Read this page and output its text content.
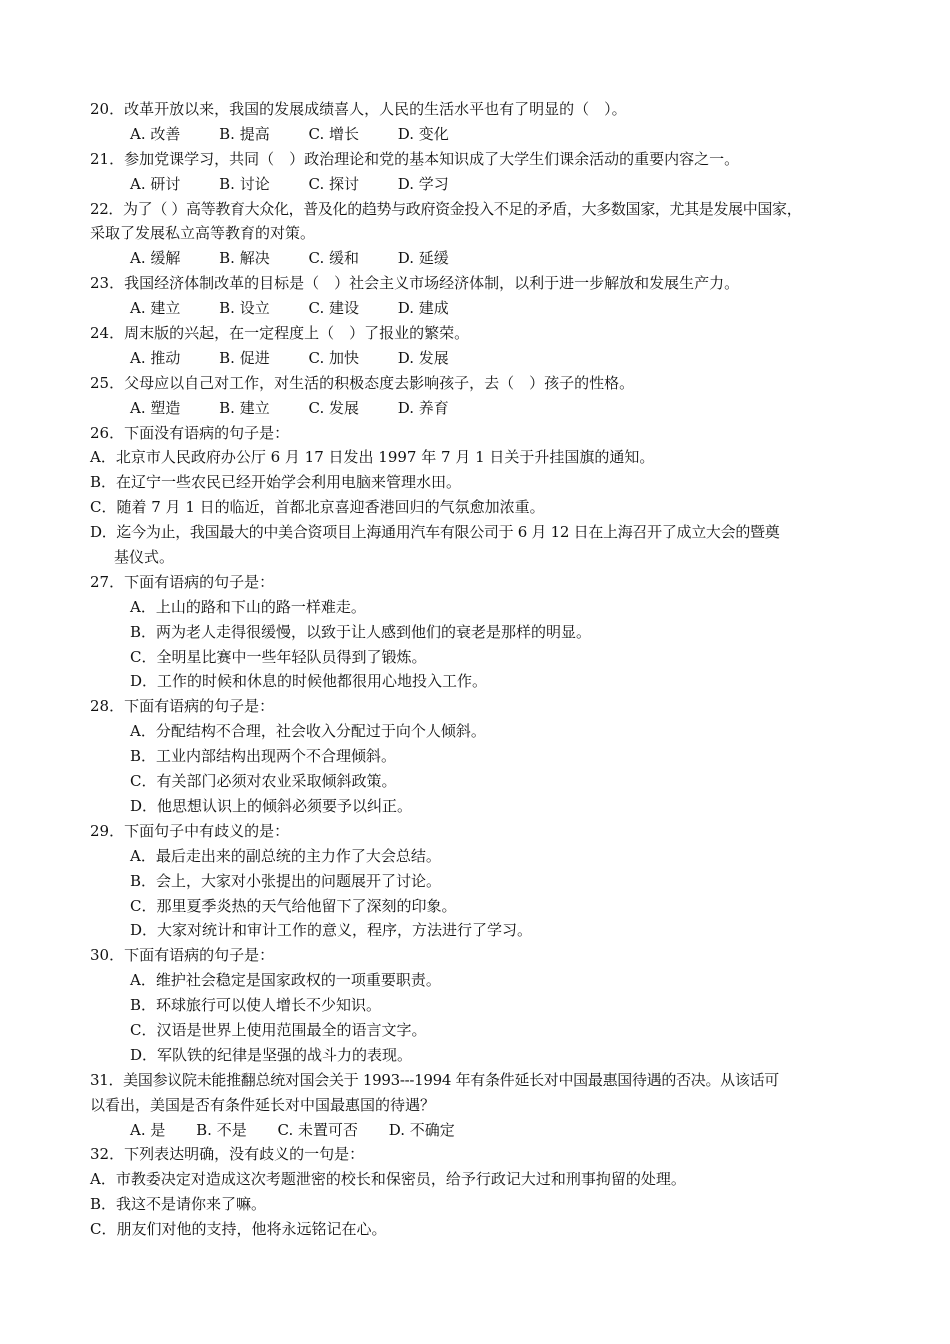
20．改革开放以来，我国的发展成绩喜人，人民的生活水平也有了明显的（　）。
A. 改善	B. 提高	C. 增长	D. 变化
21．参加党课学习，共同（　）政治理论和党的基本知识成了大学生们课余活动的重要内容之一。
A. 研讨	B. 讨论	C. 探讨	D. 学习
22．为了（ ）高等教育大众化，普及化的趋势与政府资金投入不足的矛盾，大多数国家，尤其是发展中国家，
采取了发展私立高等教育的对策。
A. 缓解	B. 解决	C. 缓和	D. 延缓
23．我国经济体制改革的目标是（　）社会主义市场经济体制，以利于进一步解放和发展生产力。
A. 建立	B. 设立	C. 建设	D. 建成
24．周末版的兴起，在一定程度上（　）了报业的繁荣。
A. 推动	B. 促进	C. 加快	D. 发展
25．父母应以自己对工作，对生活的积极态度去影响孩子，去（　）孩子的性格。
A. 塑造	B. 建立	C. 发展	D. 养育
26．下面没有语病的句子是：
A．北京市人民政府办公厅 6 月 17 日发出 1997 年 7 月 1 日关于升挂国旗的通知。
B．在辽宁一些农民已经开始学会利用电脑来管理水田。
C．随着 7 月 1 日的临近，首都北京喜迎香港回归的气氛愈加浓重。
D．迄今为止，我国最大的中美合资项目上海通用汽车有限公司于 6 月 12 日在上海召开了成立大会的暨奠
基仪式。
27．下面有语病的句子是：
A．上山的路和下山的路一样难走。
B．两为老人走得很缓慢，以致于让人感到他们的衰老是那样的明显。
C．全明星比赛中一些年轻队员得到了锻炼。
D．工作的时候和休息的时候他都很用心地投入工作。
28．下面有语病的句子是：
A．分配结构不合理，社会收入分配过于向个人倾斜。
B．工业内部结构出现两个不合理倾斜。
C．有关部门必须对农业采取倾斜政策。
D．他思想认识上的倾斜必须要予以纠正。
29．下面句子中有歧义的是：
A．最后走出来的副总统的主力作了大会总结。
B．会上，大家对小张提出的问题展开了讨论。
C．那里夏季炎热的天气给他留下了深刻的印象。
D．大家对统计和审计工作的意义，程序，方法进行了学习。
30．下面有语病的句子是：
A．维护社会稳定是国家政权的一项重要职责。
B．环球旅行可以使人增长不少知识。
C．汉语是世界上使用范围最全的语言文字。
D．军队铁的纪律是坚强的战斗力的表现。
31．美国参议院未能推翻总统对国会关于 1993---1994 年有条件延长对中国最惠国待遇的否决。从该话可
以看出，美国是否有条件延长对中国最惠国的待遇？
A. 是 B. 不是 C. 未置可否 D. 不确定
32．下列表达明确，没有歧义的一句是：
A．市教委决定对造成这次考题泄密的校长和保密员，给予行政记大过和刑事拘留的处理。
B．我这不是请你来了嘛。
C．朋友们对他的支持，他将永远铭记在心。
